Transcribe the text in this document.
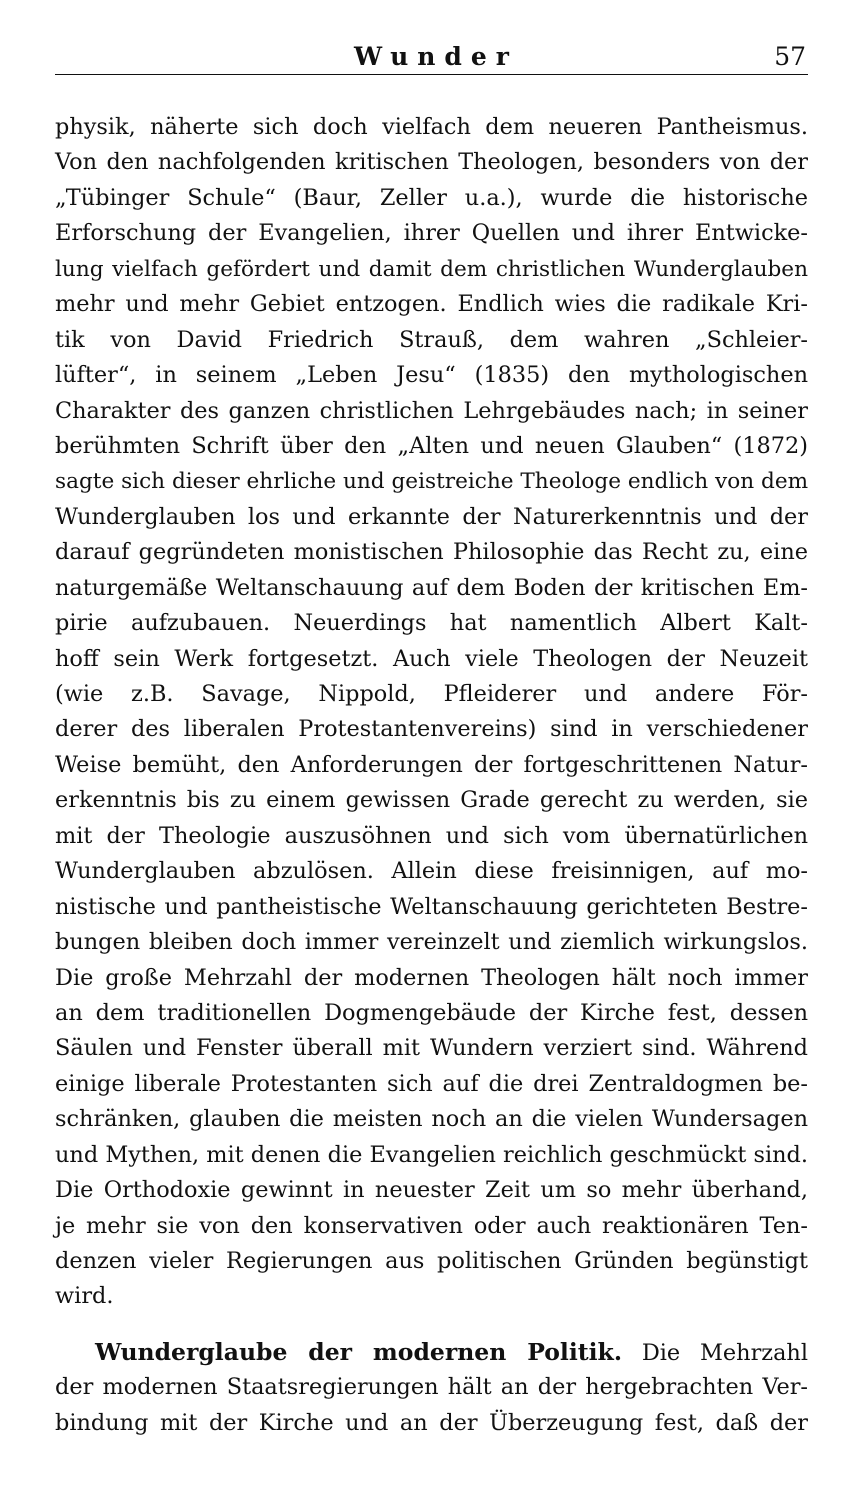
Wunder	57
physik, näherte sich doch vielfach dem neueren Pantheismus.
Von den nachfolgenden kritischen Theologen, besonders von der
„Tübinger Schule“ (Baur, Zeller u.a.), wurde die historische
Erforschung der Evangelien, ihrer Quellen und ihrer Entwicke-
lung vielfach gefördert und damit dem christlichen Wunderglauben
mehr und mehr Gebiet entzogen. Endlich wies die radikale Kri-
tik von David Friedrich Strauß, dem wahren „Schleier-
lüfter“, in seinem „Leben Jesu“ (1835) den mythologischen
Charakter des ganzen christlichen Lehrgebäudes nach; in seiner
berühmten Schrift über den „Alten und neuen Glauben“ (1872)
sagte sich dieser ehrliche und geistreiche Theologe endlich von dem
Wunderglauben los und erkannte der Naturerkenntnis und der
darauf gegründeten monistischen Philosophie das Recht zu, eine
naturgemäße Weltanschauung auf dem Boden der kritischen Em-
pirie aufzubauen. Neuerdings hat namentlich Albert Kalt-
hoff sein Werk fortgesetzt. Auch viele Theologen der Neuzeit
(wie z.B. Savage, Nippold, Pfleiderer und andere För-
derer des liberalen Protestantenvereins) sind in verschiedener
Weise bemüht, den Anforderungen der fortgeschrittenen Natur-
erkenntnis bis zu einem gewissen Grade gerecht zu werden, sie
mit der Theologie auszusöhnen und sich vom übernatürlichen
Wunderglauben abzulösen. Allein diese freisinnigen, auf mo-
nistische und pantheistische Weltanschauung gerichteten Bestre-
bungen bleiben doch immer vereinzelt und ziemlich wirkungslos.
Die große Mehrzahl der modernen Theologen hält noch immer
an dem traditionellen Dogmengebäude der Kirche fest, dessen
Säulen und Fenster überall mit Wundern verziert sind. Während
einige liberale Protestanten sich auf die drei Zentraldogmen be-
schränken, glauben die meisten noch an die vielen Wundersagen
und Mythen, mit denen die Evangelien reichlich geschmückt sind.
Die Orthodoxie gewinnt in neuester Zeit um so mehr überhand,
je mehr sie von den konservativen oder auch reaktionären Ten-
denzen vieler Regierungen aus politischen Gründen begünstigt
wird.
Wunderglaube der modernen Politik. Die Mehrzahl
der modernen Staatsregierungen hält an der hergebrachten Ver-
bindung mit der Kirche und an der Überzeugung fest, daß der
